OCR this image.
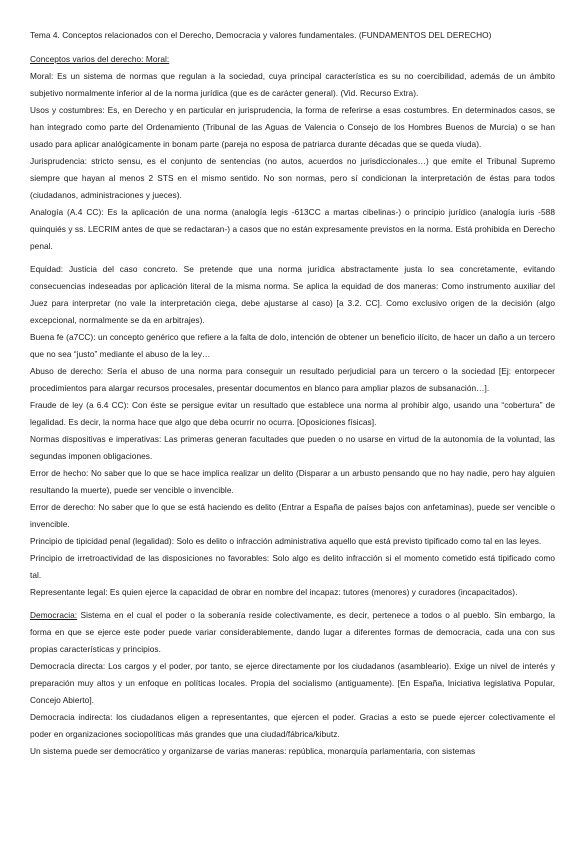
Tema 4. Conceptos relacionados con el Derecho, Democracia y valores fundamentales. (FUNDAMENTOS DEL DERECHO)

Conceptos varios del derecho: Moral:

Moral: Es un sistema de normas que regulan a la sociedad, cuya principal característica es su no coercibilidad, además de un ámbito subjetivo normalmente inferior al de la norma jurídica (que es de carácter general). (Vid. Recurso Extra).

Usos y costumbres: Es, en Derecho y en particular en jurisprudencia, la forma de referirse a esas costumbres. En determinados casos, se han integrado como parte del Ordenamiento (Tribunal de las Aguas de Valencia o Consejo de los Hombres Buenos de Murcia) o se han usado para aplicar analógicamente in bonam parte (pareja no esposa de patriarca durante décadas que se queda viuda).

Jurisprudencia: stricto sensu, es el conjunto de sentencias (no autos, acuerdos no jurisdiccionales…) que emite el Tribunal Supremo siempre que hayan al menos 2 STS en el mismo sentido. No son normas, pero sí condicionan la interpretación de éstas para todos (ciudadanos, administraciones y jueces).

Analogía (A.4 CC): Es la aplicación de una norma (analogía legis -613CC a martas cibelinas-) o principio jurídico (analogía iuris -588 quinquiés y ss. LECRIM antes de que se redactaran-) a casos que no están expresamente previstos en la norma. Está prohibida en Derecho penal.

Equidad: Justicia del caso concreto. Se pretende que una norma jurídica abstractamente justa lo sea concretamente, evitando consecuencias indeseadas por aplicación literal de la misma norma. Se aplica la equidad de dos maneras: Como instrumento auxiliar del Juez para interpretar (no vale la interpretación ciega, debe ajustarse al caso) [a 3.2. CC]. Como exclusivo origen de la decisión (algo excepcional, normalmente se da en arbitrajes).

Buena fe (a7CC): un concepto genérico que refiere a la falta de dolo, intención de obtener un beneficio ilícito, de hacer un daño a un tercero que no sea “justo” mediante el abuso de la ley…

Abuso de derecho: Sería el abuso de una norma para conseguir un resultado perjudicial para un tercero o la sociedad [Ej: entorpecer procedimientos para alargar recursos procesales, presentar documentos en blanco para ampliar plazos de subsanación…].

Fraude de ley (a 6.4 CC): Con éste se persigue evitar un resultado que establece una norma al prohibir algo, usando una “cobertura” de legalidad. Es decir, la norma hace que algo que deba ocurrir no ocurra. [Oposiciones físicas].

Normas dispositivas e imperativas: Las primeras generan facultades que pueden o no usarse en virtud de la autonomía de la voluntad, las segundas imponen obligaciones.

Error de hecho: No saber que lo que se hace implica realizar un delito (Disparar a un arbusto pensando que no hay nadie, pero hay alguien resultando la muerte), puede ser vencible o invencible.

Error de derecho: No saber que lo que se está haciendo es delito (Entrar a España de países bajos con anfetaminas), puede ser vencible o invencible.

Principio de tipicidad penal (legalidad): Solo es delito o infracción administrativa aquello que está previsto tipificado como tal en las leyes.

Principio de irretroactividad de las disposiciones no favorables: Solo algo es delito infracción si el momento cometido está tipificado como tal.

Representante legal: Es quien ejerce la capacidad de obrar en nombre del incapaz: tutores (menores) y curadores (incapacitados).

Democracia: Sistema en el cual el poder o la soberanía reside colectivamente, es decir, pertenece a todos o al pueblo. Sin embargo, la forma en que se ejerce este poder puede variar considerablemente, dando lugar a diferentes formas de democracia, cada una con sus propias características y principios.

Democracia directa: Los cargos y el poder, por tanto, se ejerce directamente por los ciudadanos (asambleario). Exige un nivel de interés y preparación muy altos y un enfoque en políticas locales. Propia del socialismo (antiguamente). [En España, Iniciativa legislativa Popular, Concejo Abierto].

Democracia indirecta: los ciudadanos eligen a representantes, que ejercen el poder. Gracias a esto se puede ejercer colectivamente el poder en organizaciones sociopolíticas más grandes que una ciudad/fábrica/kibutz.

Un sistema puede ser democrático y organizarse de varias maneras: república, monarquía parlamentaria, con sistemas
